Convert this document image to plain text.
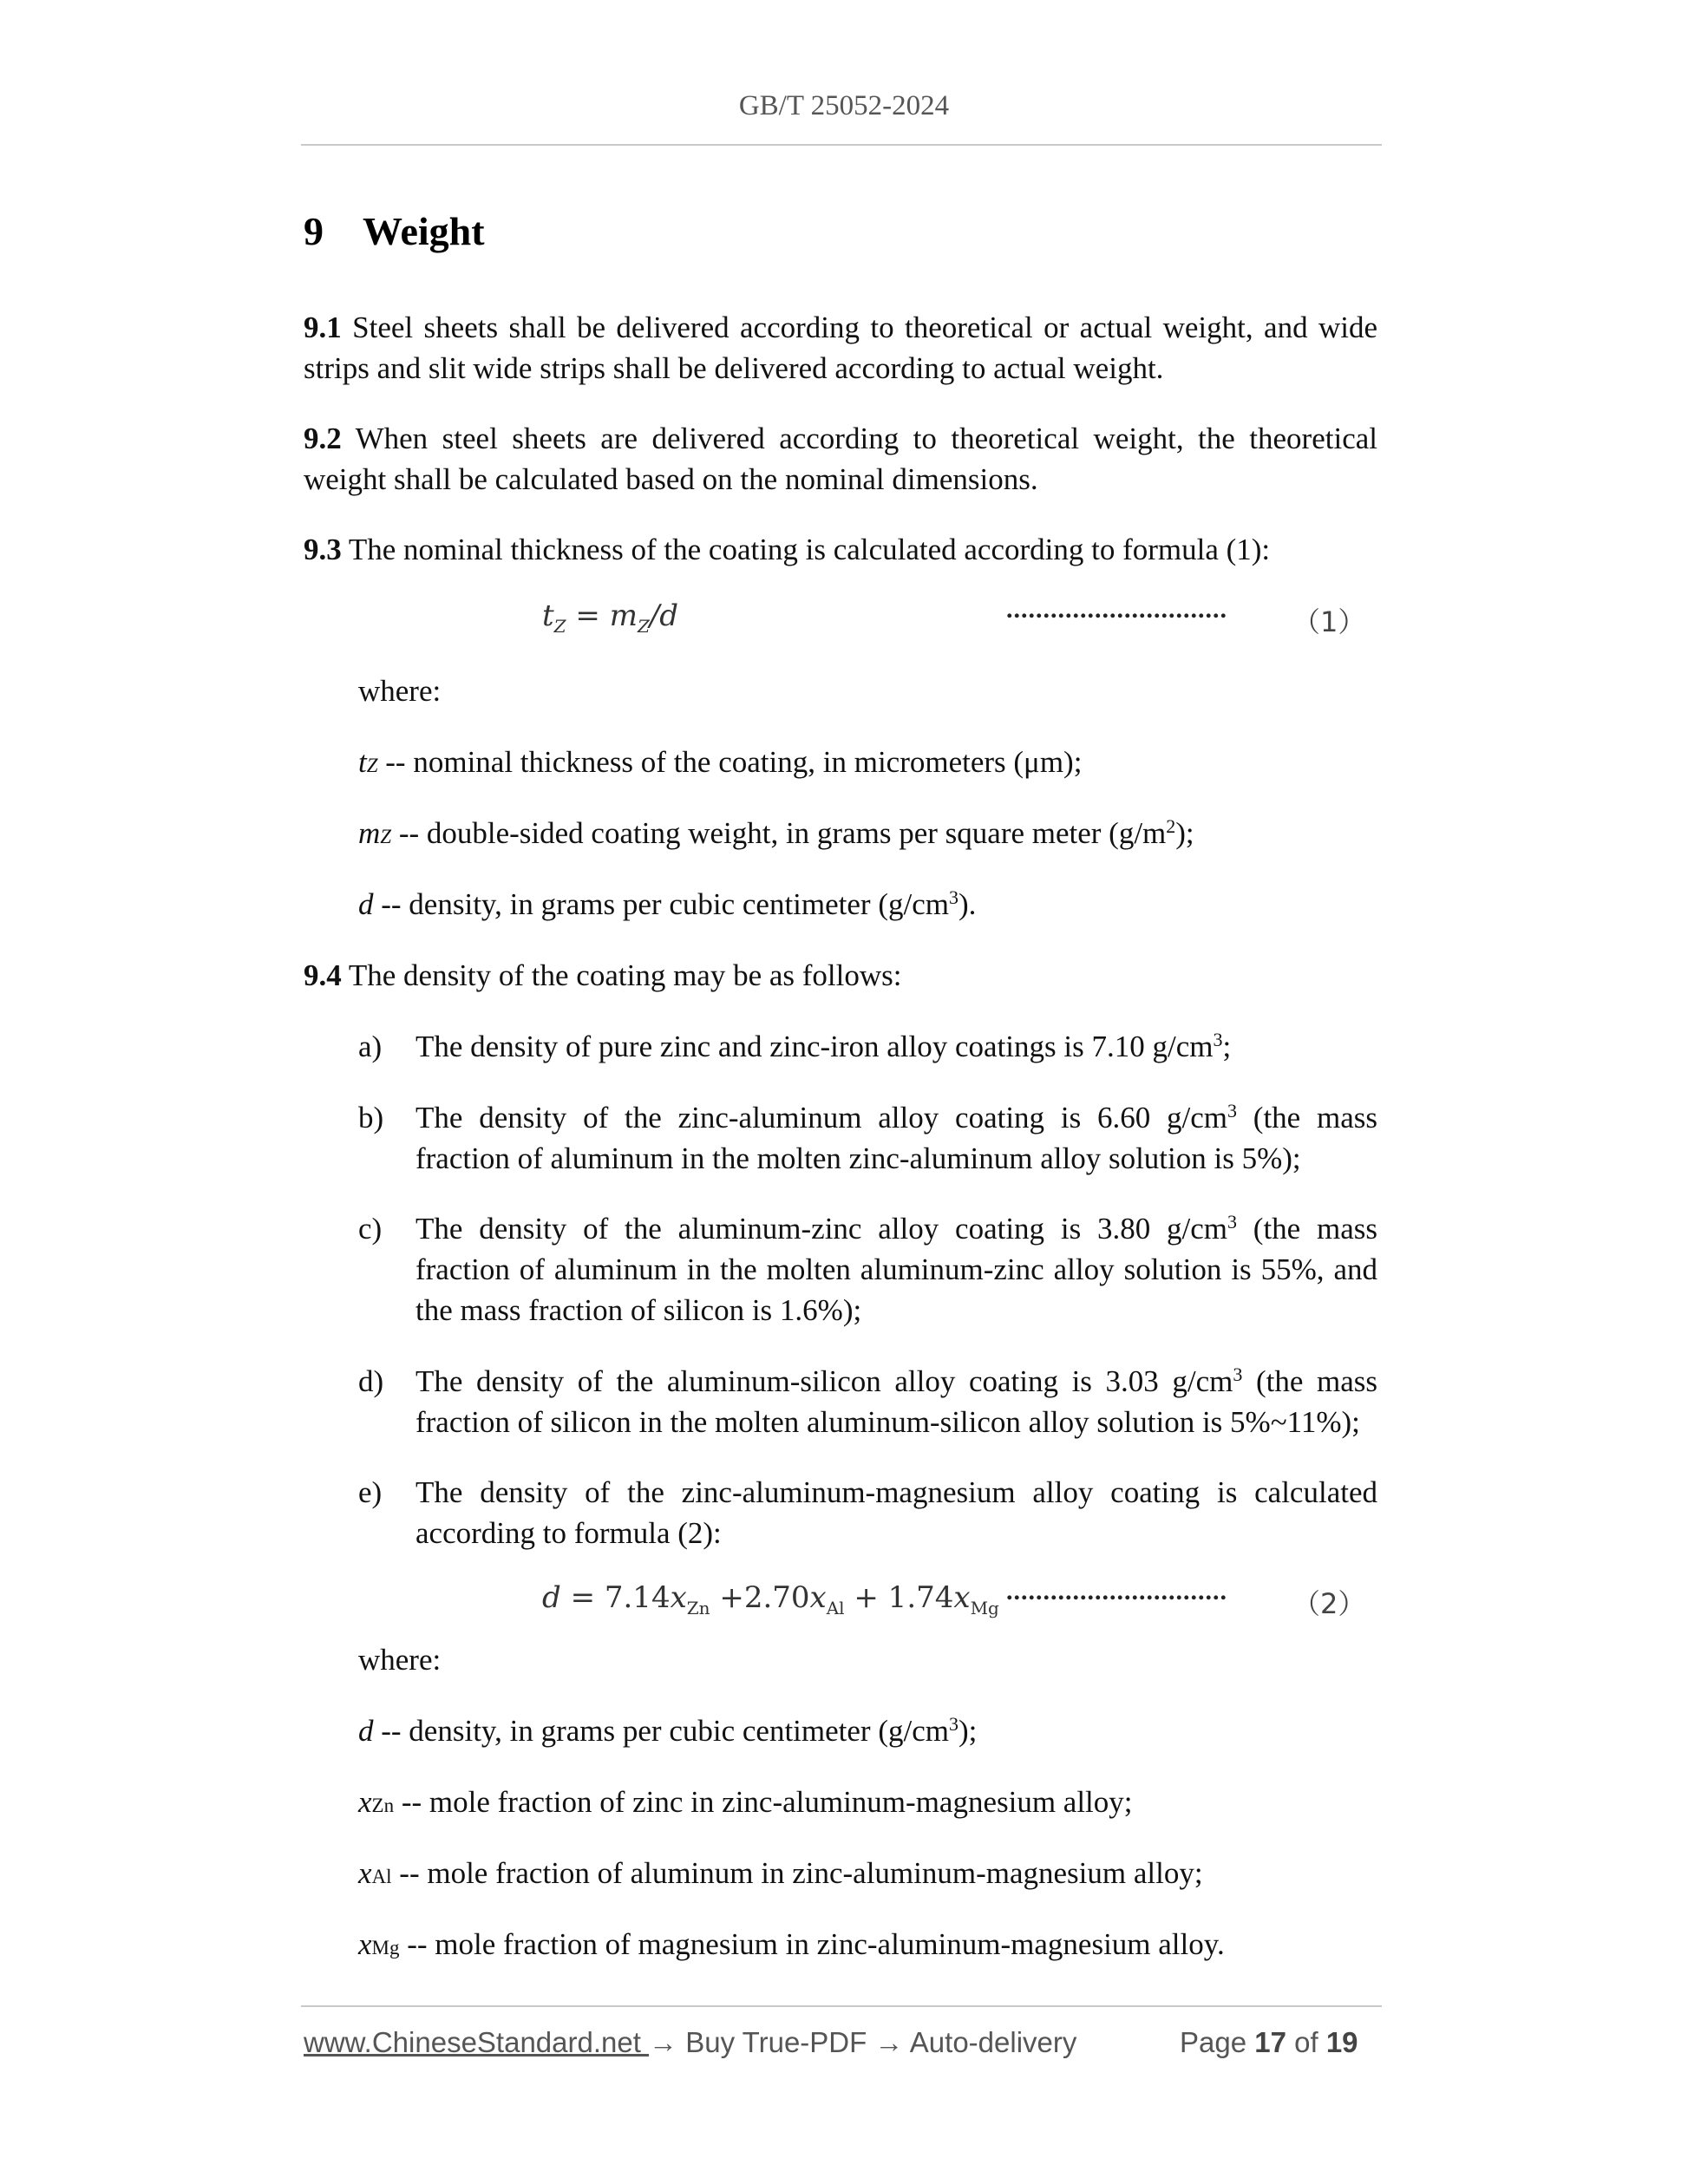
GB/T 25052-2024
9 Weight
9.1 Steel sheets shall be delivered according to theoretical or actual weight, and wide strips and slit wide strips shall be delivered according to actual weight.
9.2 When steel sheets are delivered according to theoretical weight, the theoretical weight shall be calculated based on the nominal dimensions.
9.3 The nominal thickness of the coating is calculated according to formula (1):
$t_Z = m_Z/d$	.............................. （1）
where:
tZ -- nominal thickness of the coating, in micrometers (μm);
mZ -- double-sided coating weight, in grams per square meter $(g/m^2)$;
d -- density, in grams per cubic centimeter $(g/cm^3)$.
9.4 The density of the coating may be as follows:
a) The density of pure zinc and zinc-iron alloy coatings is 7.10 $g/cm^3$;
b) The density of the zinc-aluminum alloy coating is 6.60 $g/cm^3$ (the mass fraction of aluminum in the molten zinc-aluminum alloy solution is 5%);
c) The density of the aluminum-zinc alloy coating is 3.80 $g/cm^3$ (the mass fraction of aluminum in the molten aluminum-zinc alloy solution is 55%, and the mass fraction of silicon is 1.6%);
d) The density of the aluminum-silicon alloy coating is 3.03 $g/cm^3$ (the mass fraction of silicon in the molten aluminum-silicon alloy solution is 5%~11%);
e) The density of the zinc-aluminum-magnesium alloy coating is calculated according to formula (2):
$d = 7.14x_{Zn} +2.70x_{Al} + 1.74x_{Mg}$
.............................. （2）
where:
d -- density, in grams per cubic centimeter $(g/cm^3)$;
xZn -- mole fraction of zinc in zinc-aluminum-magnesium alloy;
xAl -- mole fraction of aluminum in zinc-aluminum-magnesium alloy;
xMg -- mole fraction of magnesium in zinc-aluminum-magnesium alloy.
www.ChineseStandard.net → Buy True-PDF → Auto-delivery	Page 17 of 19
